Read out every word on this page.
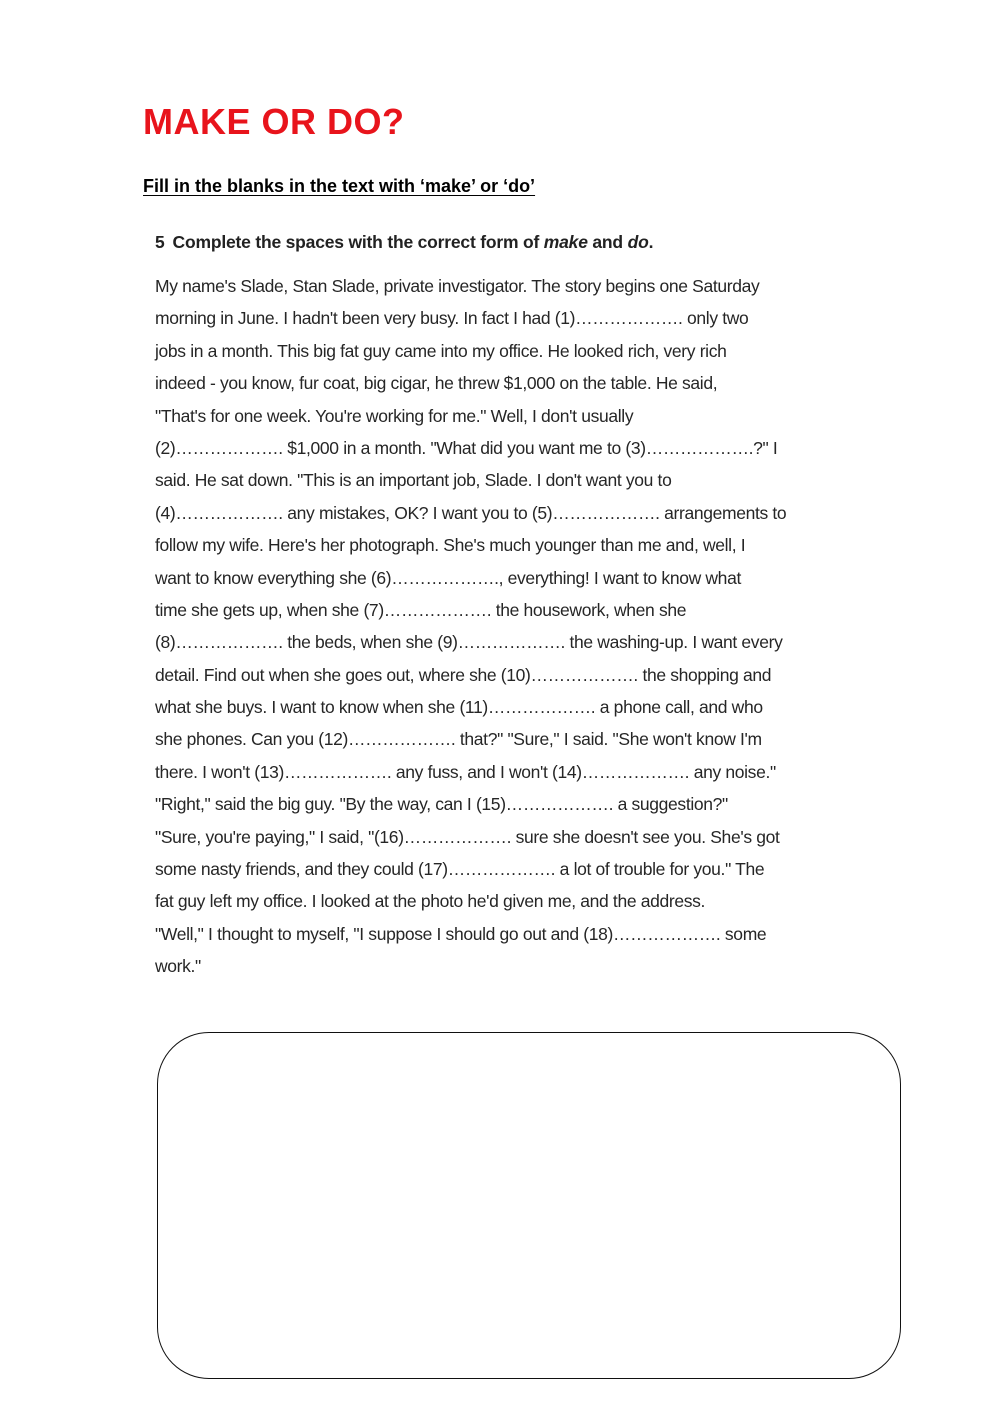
MAKE OR DO?

Fill in the blanks in the text with ‘make’ or ‘do’

5 Complete the spaces with the correct form of make and do.

My name's Slade, Stan Slade, private investigator. The story begins one Saturday
morning in June. I hadn't been very busy. In fact I had (1)………………. only two
jobs in a month. This big fat guy came into my office. He looked rich, very rich
indeed - you know, fur coat, big cigar, he threw $1,000 on the table. He said,
"That's for one week. You're working for me." Well, I don't usually
(2)………………. $1,000 in a month. "What did you want me to (3)……………….?" I
said. He sat down. "This is an important job, Slade. I don't want you to
(4)………………. any mistakes, OK? I want you to (5)………………. arrangements to
follow my wife. Here's her photograph. She's much younger than me and, well, I
want to know everything she (6)………………., everything! I want to know what
time she gets up, when she (7)………………. the housework, when she
(8)………………. the beds, when she (9)………………. the washing-up. I want every
detail. Find out when she goes out, where she (10)………………. the shopping and
what she buys. I want to know when she (11)………………. a phone call, and who
she phones. Can you (12)………………. that?" "Sure," I said. "She won't know I'm
there. I won't (13)………………. any fuss, and I won't (14)………………. any noise."
"Right," said the big guy. "By the way, can I (15)………………. a suggestion?"
"Sure, you're paying," I said, "(16)………………. sure she doesn't see you. She's got
some nasty friends, and they could (17)………………. a lot of trouble for you." The
fat guy left my office. I looked at the photo he'd given me, and the address.
"Well," I thought to myself, "I suppose I should go out and (18)………………. some
work."
